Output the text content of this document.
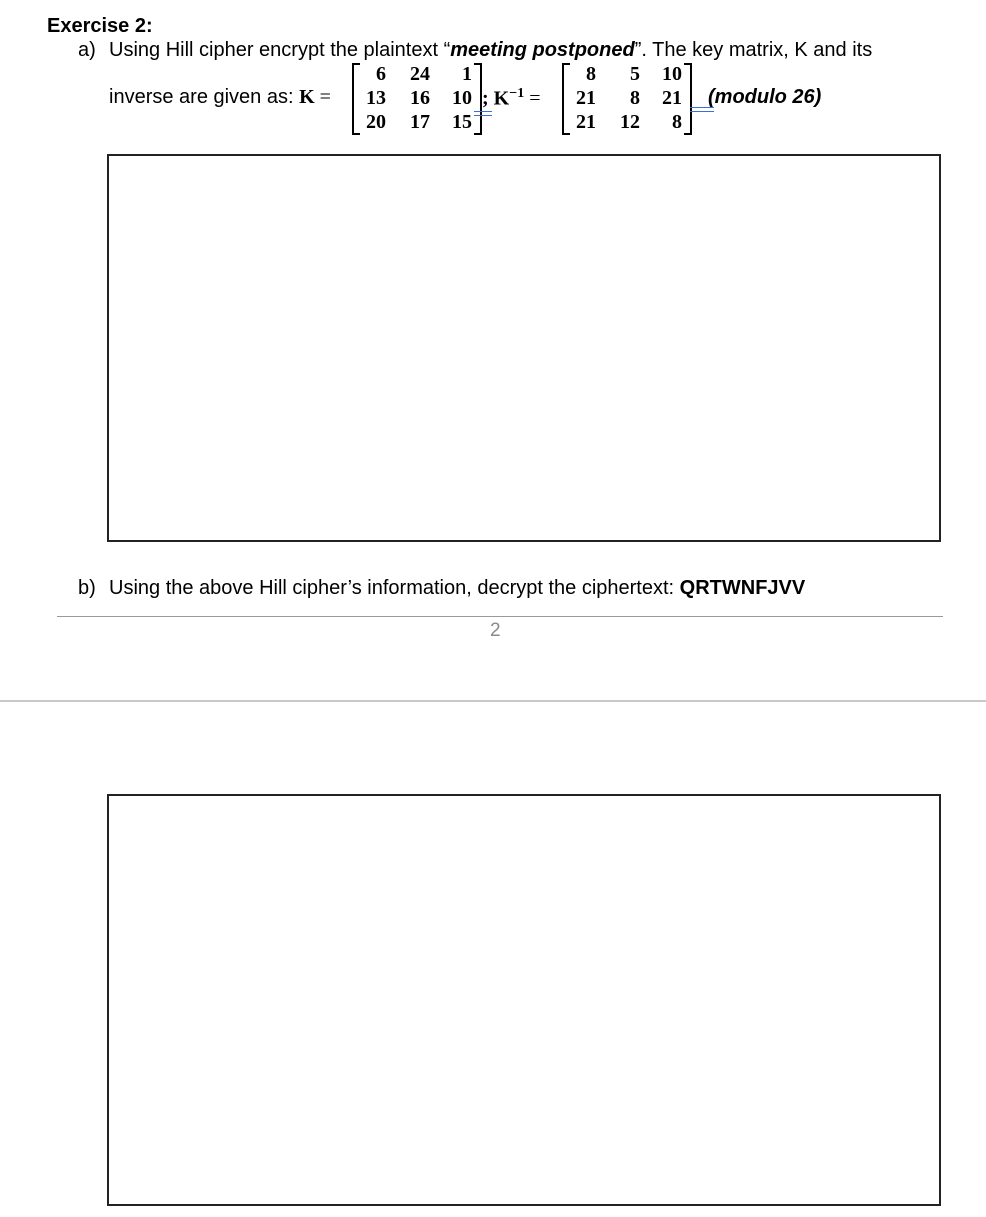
Exercise 2:
a) Using Hill cipher encrypt the plaintext “meeting postponed”. The key matrix, K and its
inverse are given as: K =
6	24	1
13	16	10
20	17	15
; $K^{-1}$ =
8	5	10
21	8	21
21	12	8
(modulo 26)
b) Using the above Hill cipher’s information, decrypt the ciphertext: QRTWNFJVV
2
